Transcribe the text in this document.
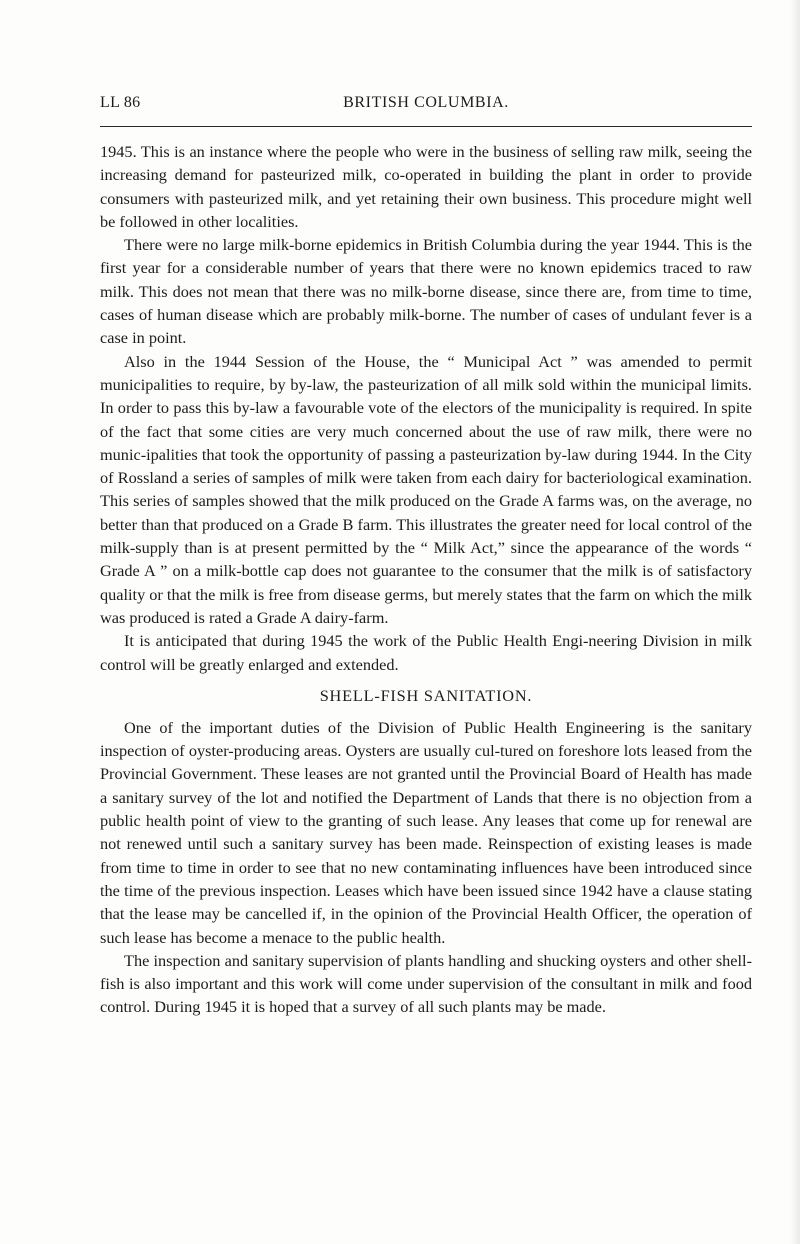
LL 86	BRITISH COLUMBIA.

1945. This is an instance where the people who were in the business of selling raw milk, seeing the increasing demand for pasteurized milk, co-operated in building the plant in order to provide consumers with pasteurized milk, and yet retaining their own business. This procedure might well be followed in other localities.

There were no large milk-borne epidemics in British Columbia during the year 1944. This is the first year for a considerable number of years that there were no known epidemics traced to raw milk. This does not mean that there was no milk-borne disease, since there are, from time to time, cases of human disease which are probably milk-borne. The number of cases of undulant fever is a case in point.

Also in the 1944 Session of the House, the “ Municipal Act ” was amended to permit municipalities to require, by by-law, the pasteurization of all milk sold within the municipal limits. In order to pass this by-law a favourable vote of the electors of the municipality is required. In spite of the fact that some cities are very much concerned about the use of raw milk, there were no munic-ipalities that took the opportunity of passing a pasteurization by-law during 1944. In the City of Rossland a series of samples of milk were taken from each dairy for bacteriological examination. This series of samples showed that the milk produced on the Grade A farms was, on the average, no better than that produced on a Grade B farm. This illustrates the greater need for local control of the milk-supply than is at present permitted by the “ Milk Act,” since the appearance of the words “ Grade A ” on a milk-bottle cap does not guarantee to the consumer that the milk is of satisfactory quality or that the milk is free from disease germs, but merely states that the farm on which the milk was produced is rated a Grade A dairy-farm.

It is anticipated that during 1945 the work of the Public Health Engi-neering Division in milk control will be greatly enlarged and extended.

SHELL-FISH SANITATION.

One of the important duties of the Division of Public Health Engineering is the sanitary inspection of oyster-producing areas. Oysters are usually cul-tured on foreshore lots leased from the Provincial Government. These leases are not granted until the Provincial Board of Health has made a sanitary survey of the lot and notified the Department of Lands that there is no objection from a public health point of view to the granting of such lease. Any leases that come up for renewal are not renewed until such a sanitary survey has been made. Reinspection of existing leases is made from time to time in order to see that no new contaminating influences have been introduced since the time of the previous inspection. Leases which have been issued since 1942 have a clause stating that the lease may be cancelled if, in the opinion of the Provincial Health Officer, the operation of such lease has become a menace to the public health.

The inspection and sanitary supervision of plants handling and shucking oysters and other shell-fish is also important and this work will come under supervision of the consultant in milk and food control. During 1945 it is hoped that a survey of all such plants may be made.
